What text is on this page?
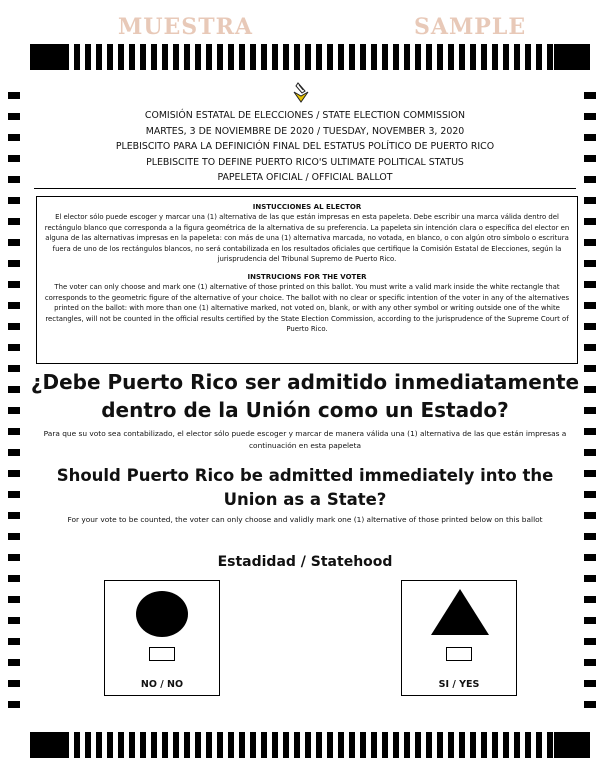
MUESTRA	SAMPLE
COMISIÓN ESTATAL DE ELECCIONES / STATE ELECTION COMMISSION
MARTES, 3 DE NOVIEMBRE DE 2020 / TUESDAY, NOVEMBER 3, 2020
PLEBISCITO PARA LA DEFINICIÓN FINAL DEL ESTATUS POLÍTICO DE PUERTO RICO
PLEBISCITE TO DEFINE PUERTO RICO'S ULTIMATE POLITICAL STATUS
PAPELETA OFICIAL / OFFICIAL BALLOT
INSTUCCIONES AL ELECTOR
El elector sólo puede escoger y marcar una (1) alternativa de las que están impresas en esta papeleta. Debe escribir una marca válida dentro del rectángulo blanco que corresponda a la figura geométrica de la alternativa de su preferencia. La papeleta sin intención clara o específica del elector en alguna de las alternativas impresas en la papeleta: con más de una (1) alternativa marcada, no votada, en blanco, o con algún otro símbolo o escritura fuera de uno de los rectángulos blancos, no será contabilizada en los resultados oficiales que certifique la Comisión Estatal de Elecciones, según la jurisprudencia del Tribunal Supremo de Puerto Rico.
INSTRUCIONS FOR THE VOTER
The voter can only choose and mark one (1) alternative of those printed on this ballot. You must write a valid mark inside the white rectangle that corresponds to the geometric figure of the alternative of your choice. The ballot with no clear or specific intention of the voter in any of the alternatives printed on the ballot: with more than one (1) alternative marked, not voted on, blank, or with any other symbol or writing outside one of the white rectangles, will not be counted in the official results certified by the State Election Commission, according to the jurisprudence of the Supreme Court of Puerto Rico.
¿Debe Puerto Rico ser admitido inmediatamente
dentro de la Unión como un Estado?
Para que su voto sea contabilizado, el elector sólo puede escoger y marcar de manera válida una (1) alternativa de las que están impresas a continuación en esta papeleta
Should Puerto Rico be admitted immediately into the Union as a State?
For your vote to be counted, the voter can only choose and validly mark one (1) alternative of those printed below on this ballot
Estadidad / Statehood
NO / NO	SI / YES
